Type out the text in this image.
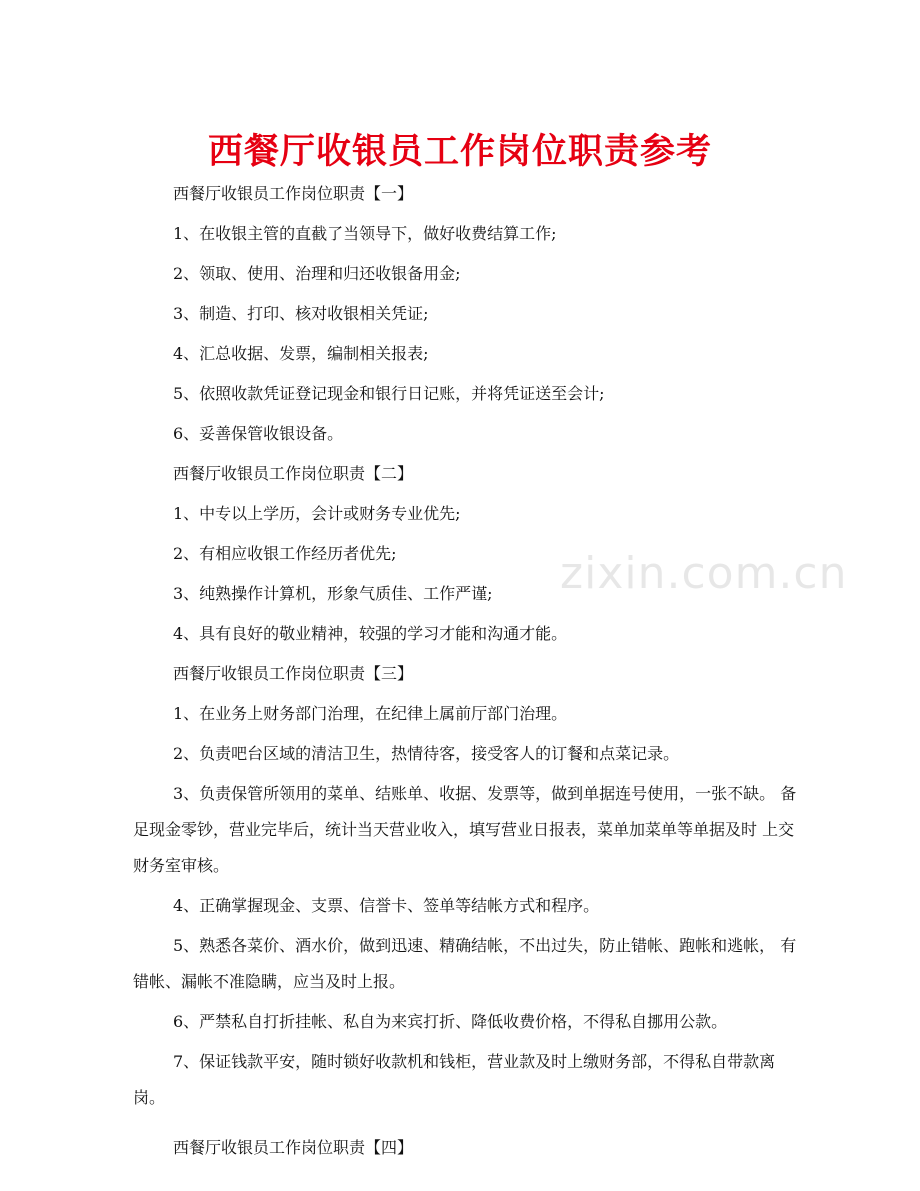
西餐厅收银员工作岗位职责参考
zixin.com.cn

西餐厅收银员工作岗位职责【一】

1、在收银主管的直截了当领导下，做好收费结算工作;

2、领取、使用、治理和归还收银备用金;

3、制造、打印、核对收银相关凭证;

4、汇总收据、发票，编制相关报表;

5、依照收款凭证登记现金和银行日记账，并将凭证送至会计;

6、妥善保管收银设备。

西餐厅收银员工作岗位职责【二】

1、中专以上学历，会计或财务专业优先;

2、有相应收银工作经历者优先;

3、纯熟操作计算机，形象气质佳、工作严谨;

4、具有良好的敬业精神，较强的学习才能和沟通才能。

西餐厅收银员工作岗位职责【三】

1、在业务上财务部门治理，在纪律上属前厅部门治理。

2、负责吧台区域的清洁卫生，热情待客，接受客人的订餐和点菜记录。

3、负责保管所领用的菜单、结账单、收据、发票等，做到单据连号使用，一张不缺。 备足现金零钞，营业完毕后，统计当天营业收入，填写营业日报表，菜单加菜单等单据及时 上交财务室审核。

4、正确掌握现金、支票、信誉卡、签单等结帐方式和程序。

5、熟悉各菜价、酒水价，做到迅速、精确结帐，不出过失，防止错帐、跑帐和逃帐， 有错帐、漏帐不准隐瞒，应当及时上报。

6、严禁私自打折挂帐、私自为来宾打折、降低收费价格，不得私自挪用公款。

7、保证钱款平安，随时锁好收款机和钱柜，营业款及时上缴财务部，不得私自带款离 岗。

西餐厅收银员工作岗位职责【四】
